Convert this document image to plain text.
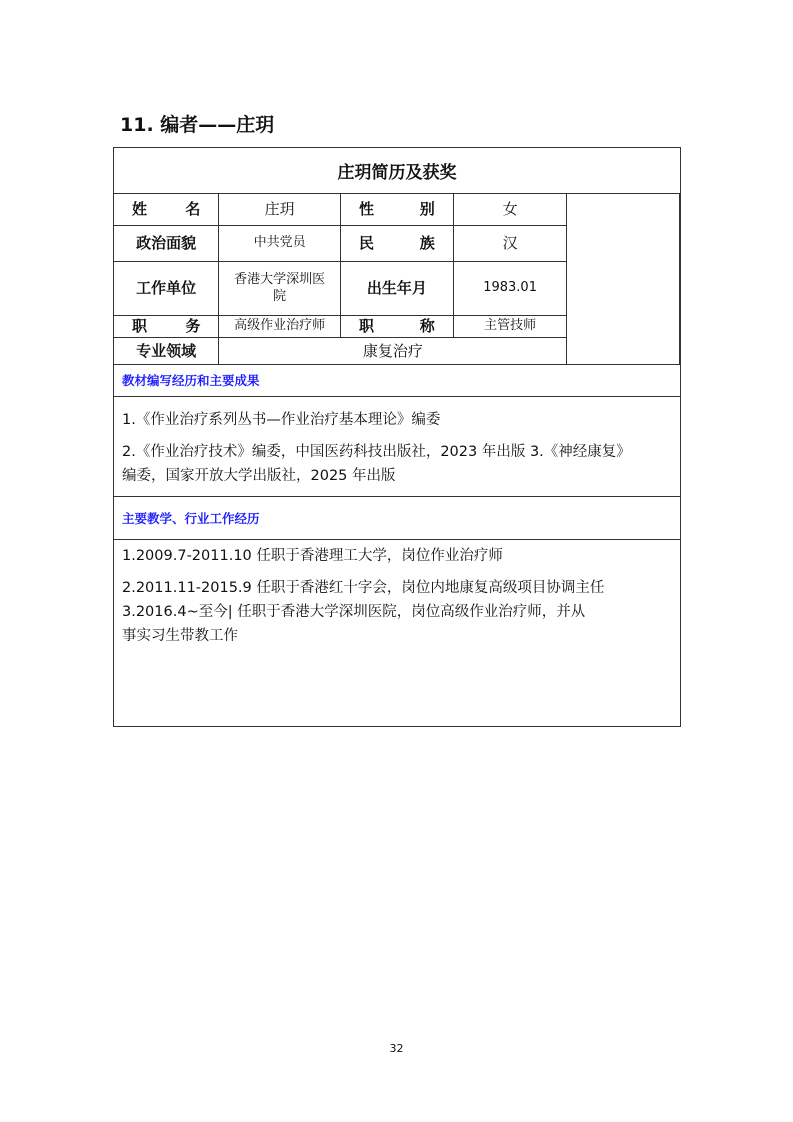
11. 编者——庄玥
庄玥简历及获奖
姓 名	庄玥	性 别	女	
政治面貌	中共党员	民 族	汉	
工作单位	香港大学深圳医院	出生年月	1983.01	

职 务	高级作业治疗师	职 称	主管技师	
专业领域	康复治疗			
教材编写经历和主要成果
1.《作业治疗系列丛书—作业治疗基本理论》编委
2.《作业治疗技术》编委，中国医药科技出版社，2023 年出版 3.《神经康复》
编委，国家开放大学出版社，2025 年出版
主要教学、行业工作经历
1.2009.7-2011.10 任职于香港理工大学，岗位作业治疗师
2.2011.11-2015.9 任职于香港红十字会，岗位内地康复高级项目协调主任
3.2016.4~至今| 任职于香港大学深圳医院，岗位高级作业治疗师，并从
事实习生带教工作
32
